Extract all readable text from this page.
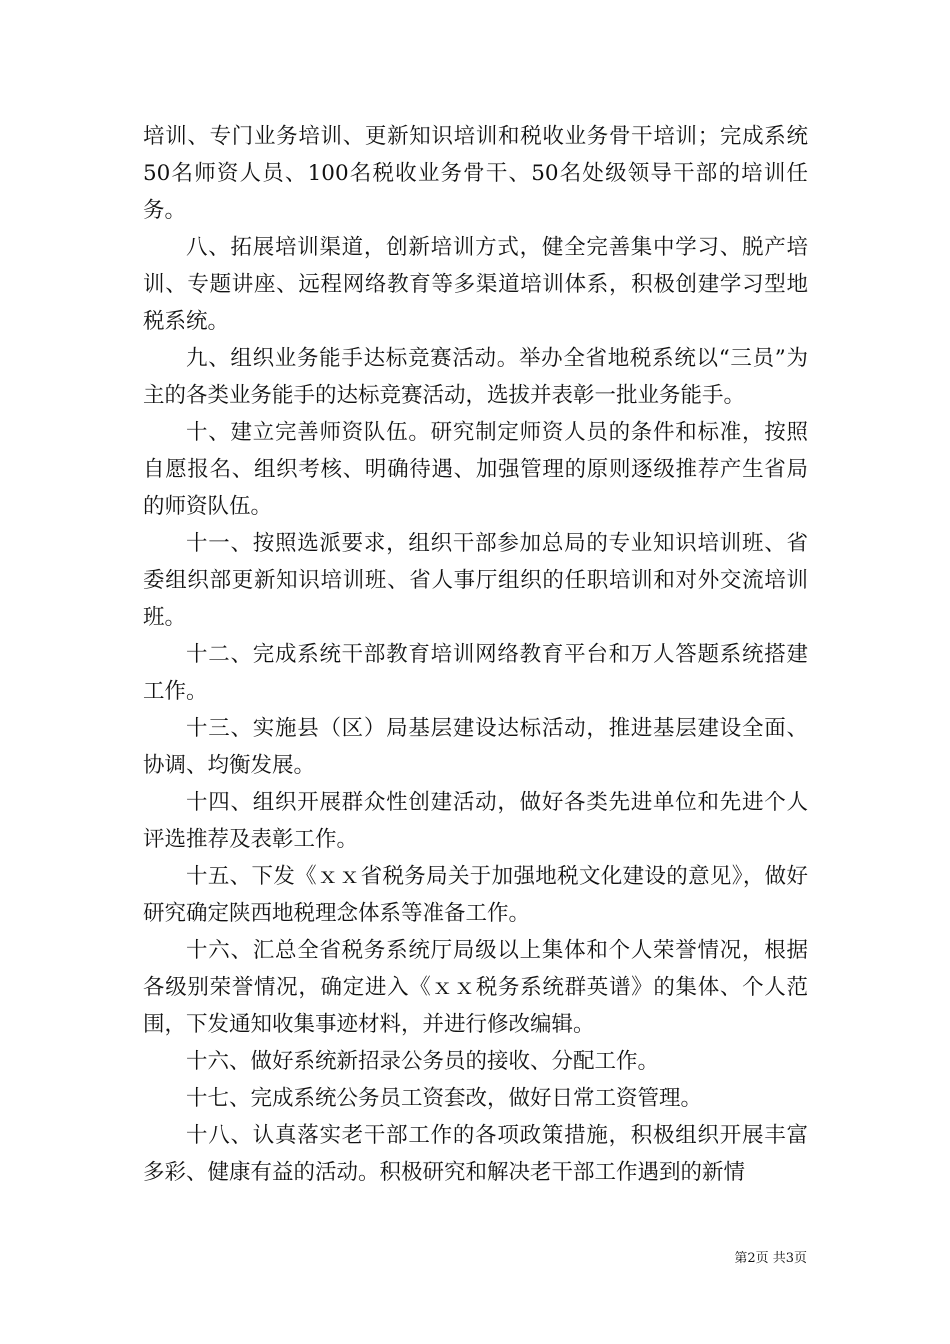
培训、专门业务培训、更新知识培训和税收业务骨干培训；完成系统50名师资人员、100名税收业务骨干、50名处级领导干部的培训任务。

八、拓展培训渠道，创新培训方式，健全完善集中学习、脱产培训、专题讲座、远程网络教育等多渠道培训体系，积极创建学习型地税系统。

九、组织业务能手达标竞赛活动。举办全省地税系统以“三员”为主的各类业务能手的达标竞赛活动，选拔并表彰一批业务能手。

十、建立完善师资队伍。研究制定师资人员的条件和标准，按照自愿报名、组织考核、明确待遇、加强管理的原则逐级推荐产生省局的师资队伍。

十一、按照选派要求，组织干部参加总局的专业知识培训班、省委组织部更新知识培训班、省人事厅组织的任职培训和对外交流培训班。

十二、完成系统干部教育培训网络教育平台和万人答题系统搭建工作。

十三、实施县（区）局基层建设达标活动，推进基层建设全面、协调、均衡发展。

十四、组织开展群众性创建活动，做好各类先进单位和先进个人评选推荐及表彰工作。

十五、下发《ｘｘ省税务局关于加强地税文化建设的意见》，做好研究确定陕西地税理念体系等准备工作。

十六、汇总全省税务系统厅局级以上集体和个人荣誉情况，根据各级别荣誉情况，确定进入《ｘｘ税务系统群英谱》的集体、个人范围，下发通知收集事迹材料，并进行修改编辑。

十六、做好系统新招录公务员的接收、分配工作。

十七、完成系统公务员工资套改，做好日常工资管理。

十八、认真落实老干部工作的各项政策措施，积极组织开展丰富多彩、健康有益的活动。积极研究和解决老干部工作遇到的新情

第2页 共3页
